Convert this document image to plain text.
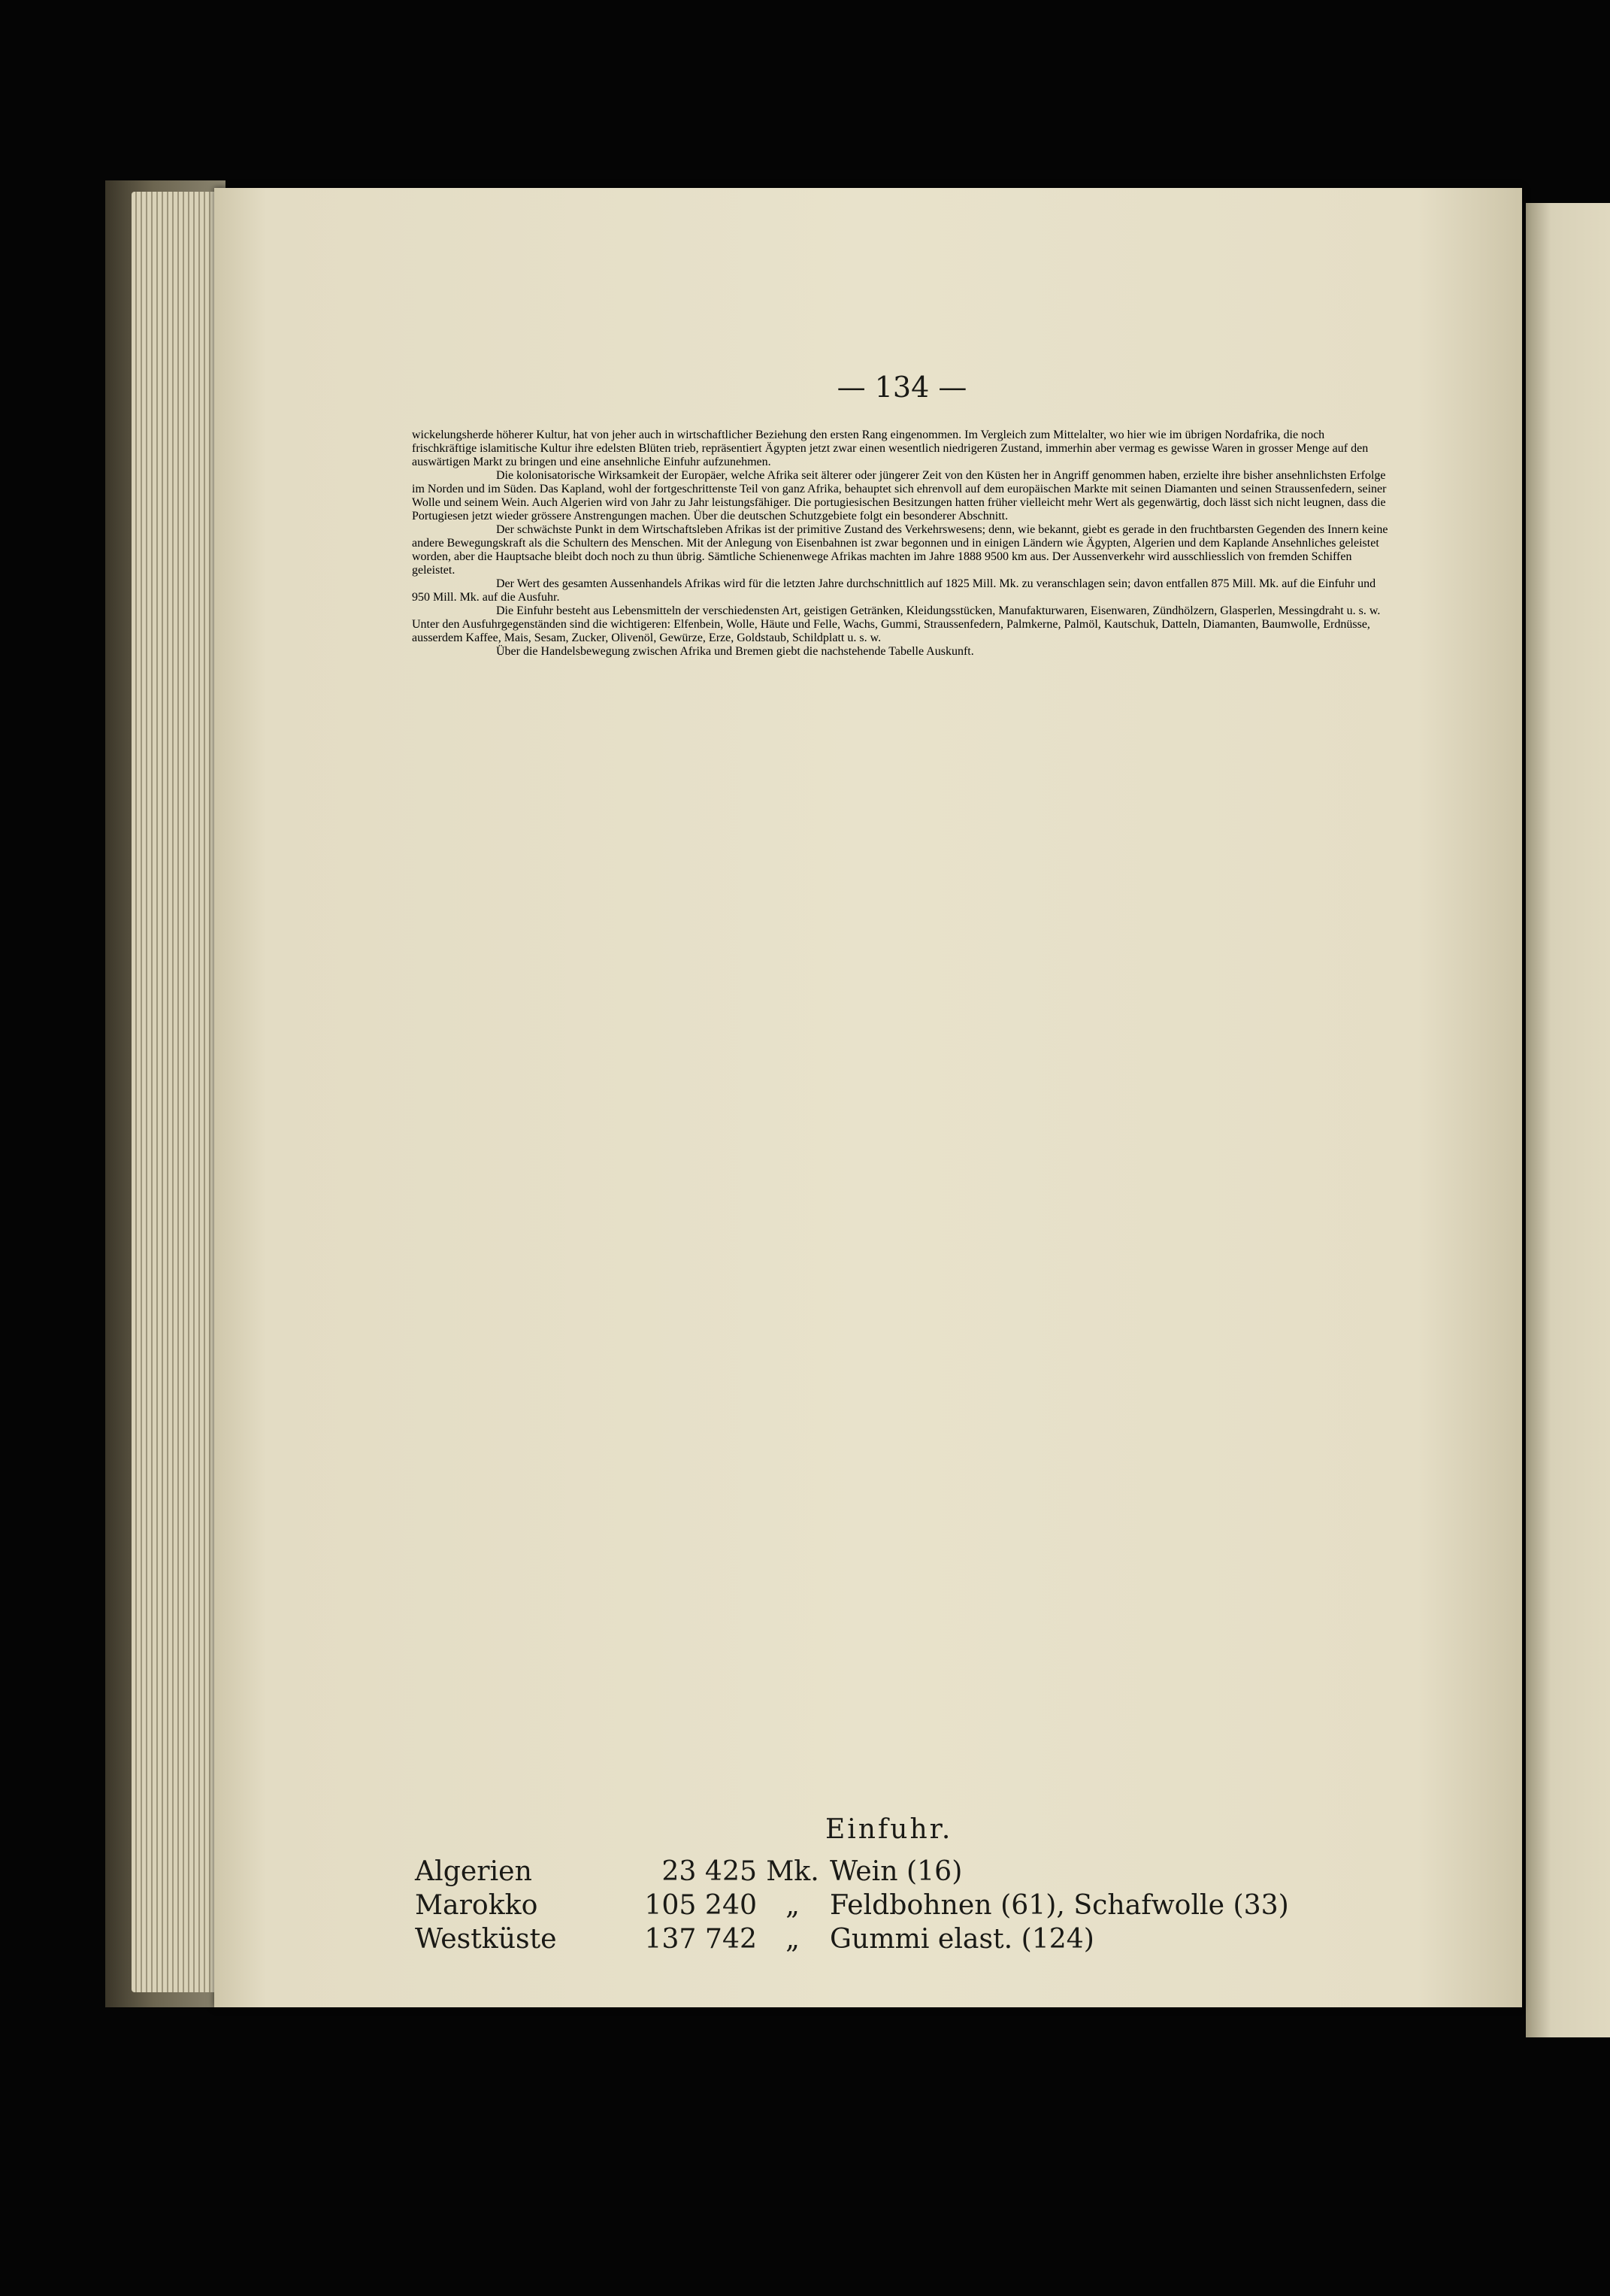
— 134 —

wickelungsherde höherer Kultur, hat von jeher auch in wirtschaftlicher Beziehung den ersten Rang eingenommen. Im Vergleich zum Mittelalter, wo hier wie im übrigen Nordafrika, die noch frischkräftige islamitische Kultur ihre edelsten Blüten trieb, repräsentiert Ägypten jetzt zwar einen wesentlich niedrigeren Zustand, immerhin aber vermag es gewisse Waren in grosser Menge auf den auswärtigen Markt zu bringen und eine ansehnliche Einfuhr aufzunehmen.

Die kolonisatorische Wirksamkeit der Europäer, welche Afrika seit älterer oder jüngerer Zeit von den Küsten her in Angriff genommen haben, erzielte ihre bisher ansehnlichsten Erfolge im Norden und im Süden. Das Kapland, wohl der fortgeschrittenste Teil von ganz Afrika, behauptet sich ehrenvoll auf dem europäischen Markte mit seinen Diamanten und seinen Straussenfedern, seiner Wolle und seinem Wein. Auch Algerien wird von Jahr zu Jahr leistungsfähiger. Die portugiesischen Besitzungen hatten früher vielleicht mehr Wert als gegenwärtig, doch lässt sich nicht leugnen, dass die Portugiesen jetzt wieder grössere Anstrengungen machen. Über die deutschen Schutzgebiete folgt ein besonderer Abschnitt.

Der schwächste Punkt in dem Wirtschaftsleben Afrikas ist der primitive Zustand des Verkehrswesens; denn, wie bekannt, giebt es gerade in den fruchtbarsten Gegenden des Innern keine andere Bewegungskraft als die Schultern des Menschen. Mit der Anlegung von Eisenbahnen ist zwar begonnen und in einigen Ländern wie Ägypten, Algerien und dem Kaplande Ansehnliches geleistet worden, aber die Hauptsache bleibt doch noch zu thun übrig. Sämtliche Schienenwege Afrikas machten im Jahre 1888 9500 km aus. Der Aussenverkehr wird ausschliesslich von fremden Schiffen geleistet.

Der Wert des gesamten Aussenhandels Afrikas wird für die letzten Jahre durchschnittlich auf 1825 Mill. Mk. zu veranschlagen sein; davon entfallen 875 Mill. Mk. auf die Einfuhr und 950 Mill. Mk. auf die Ausfuhr.

Die Einfuhr besteht aus Lebensmitteln der verschiedensten Art, geistigen Getränken, Kleidungsstücken, Manufakturwaren, Eisenwaren, Zündhölzern, Glasperlen, Messingdraht u. s. w. Unter den Ausfuhrgegenständen sind die wichtigeren: Elfenbein, Wolle, Häute und Felle, Wachs, Gummi, Straussenfedern, Palmkerne, Palmöl, Kautschuk, Datteln, Diamanten, Baumwolle, Erdnüsse, ausserdem Kaffee, Mais, Sesam, Zucker, Olivenöl, Gewürze, Erze, Goldstaub, Schildplatt u. s. w.

Über die Handelsbewegung zwischen Afrika und Bremen giebt die nachstehende Tabelle Auskunft.

Einfuhr.
Algerien	23 425	Mk.	Wein (16)
Marokko	105 240	„	Feldbohnen (61), Schafwolle (33)
Westküste	137 742	„	Gummi elast. (124)
